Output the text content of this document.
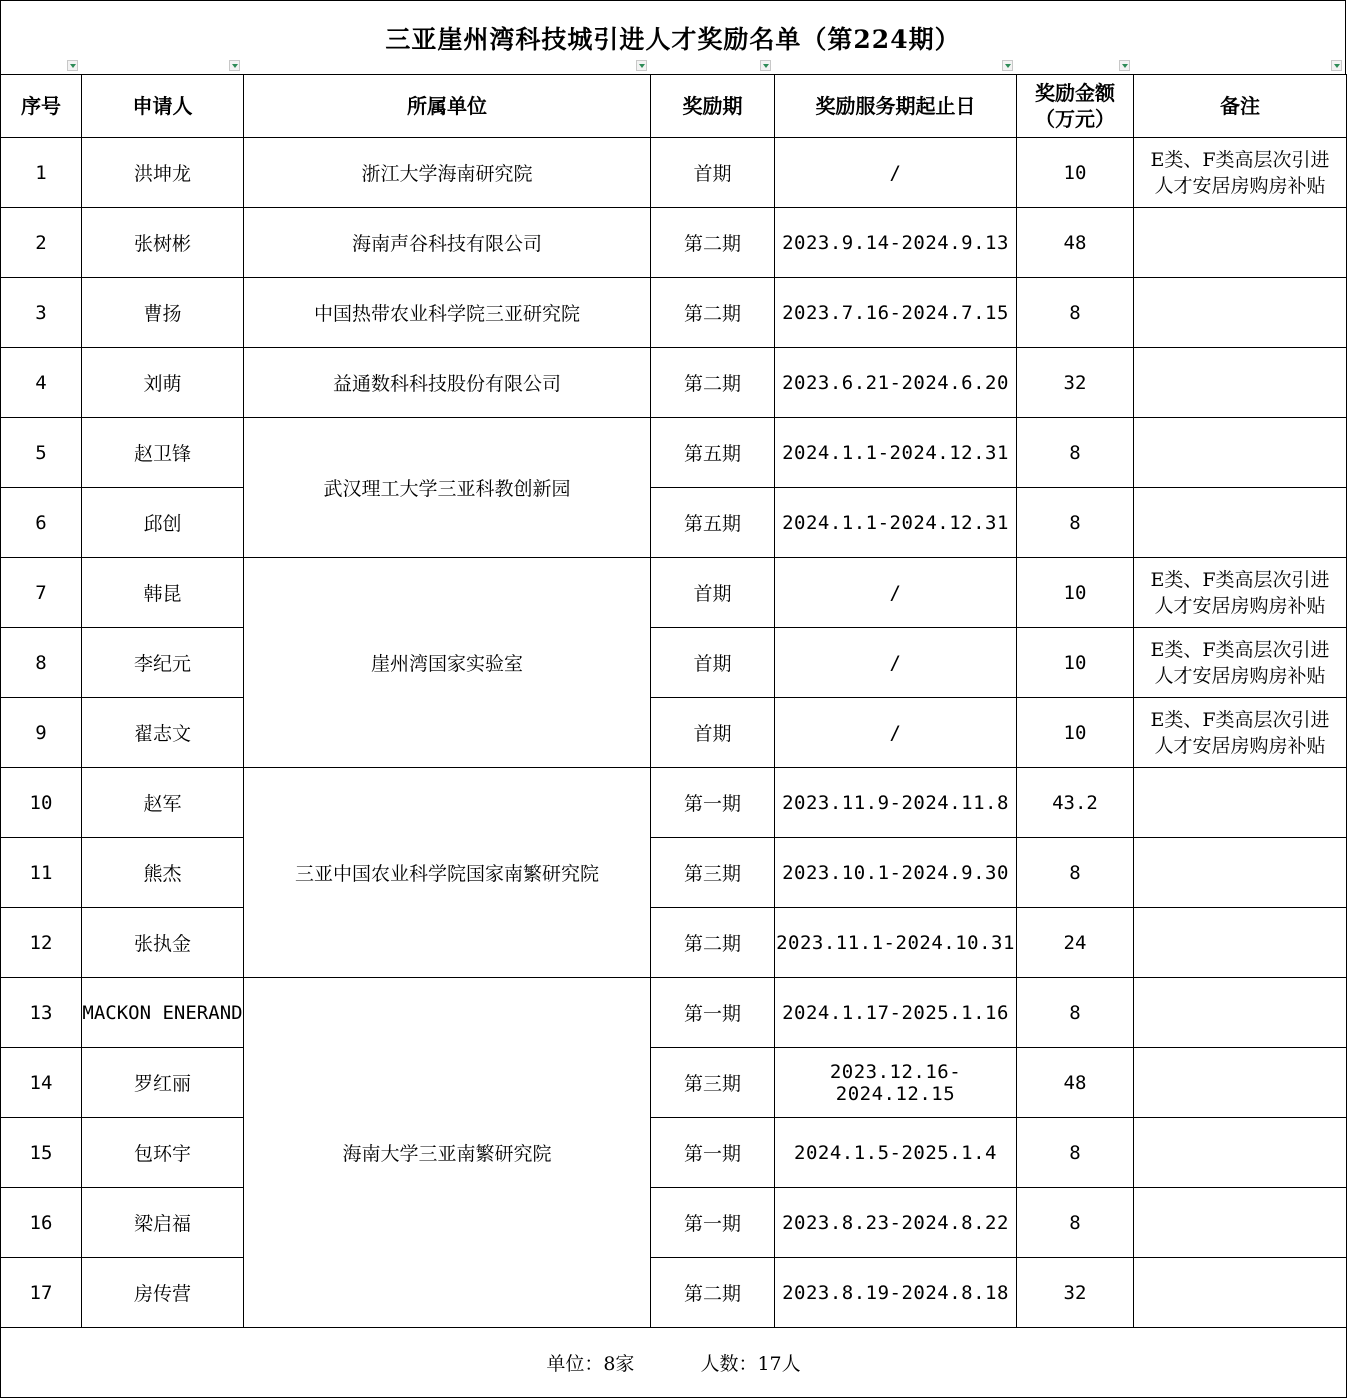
三亚崖州湾科技城引进人才奖励名单（第224期）
序号	申请人	所属单位	奖励期	奖励服务期起止日	奖励金额
（万元）	备注
1	洪坤龙	浙江大学海南研究院	首期	/	10	E类、F类高层次引进
人才安居房购房补贴
2	张树彬	海南声谷科技有限公司	第二期	2023.9.14-2024.9.13	48	
3	曹扬	中国热带农业科学院三亚研究院	第二期	2023.7.16-2024.7.15	8	
4	刘萌	益通数科科技股份有限公司	第二期	2023.6.21-2024.6.20	32	
5	赵卫锋	武汉理工大学三亚科教创新园	第五期	2024.1.1-2024.12.31	8	
6	邱创		第五期	2024.1.1-2024.12.31	8	
7	韩昆	崖州湾国家实验室	首期	/	10	E类、F类高层次引进
人才安居房购房补贴
8	李纪元		首期	/	10	E类、F类高层次引进
人才安居房购房补贴
9	翟志文		首期	/	10	E类、F类高层次引进
人才安居房购房补贴
10	赵军	三亚中国农业科学院国家南繁研究院	第一期	2023.11.9-2024.11.8	43.2	
11	熊杰		第三期	2023.10.1-2024.9.30	8	
12	张执金		第二期	2023.11.1-2024.10.31	24	
13	MACKON ENERAND	海南大学三亚南繁研究院	第一期	2024.1.17-2025.1.16	8	
14	罗红丽		第三期	2023.12.16-2024.12.15	48	
15	包环宇		第一期	2024.1.5-2025.1.4	8	
16	梁启福		第一期	2023.8.23-2024.8.22	8	
17	房传营		第二期	2023.8.19-2024.8.18	32	
单位：8家 人数：17人						
